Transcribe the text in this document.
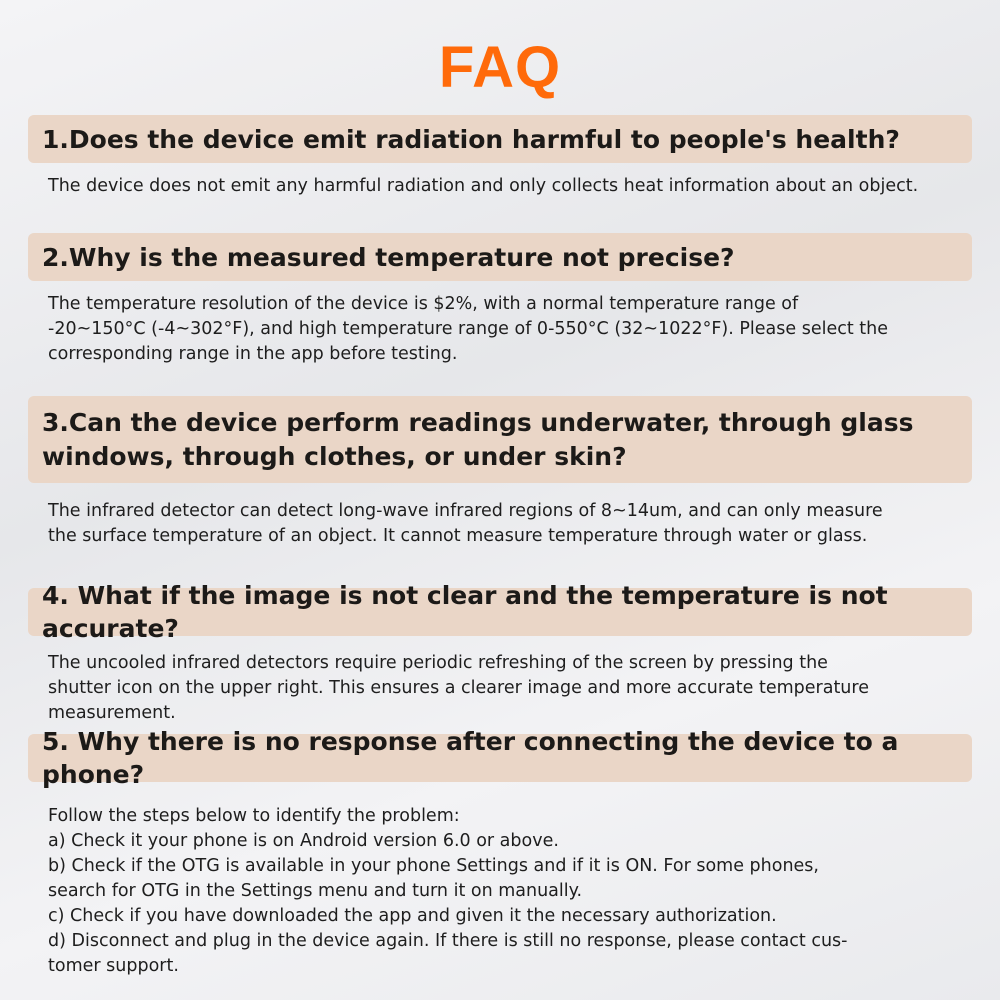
FAQ
1.Does the device emit radiation harmful to people's health?
The device does not emit any harmful radiation and only collects heat information about an object.
2.Why is the measured temperature not precise?
The temperature resolution of the device is $2%, with a normal temperature range of
-20~150°C (-4~302°F), and high temperature range of 0-550°C (32~1022°F). Please select the
corresponding range in the app before testing.
3.Can the device perform readings underwater, through glass windows, through clothes, or under skin?
The infrared detector can detect long-wave infrared regions of 8~14um, and can only measure
the surface temperature of an object. It cannot measure temperature through water or glass.
4. What if the image is not clear and the temperature is not accurate?
The uncooled infrared detectors require periodic refreshing of the screen by pressing the
shutter icon on the upper right. This ensures a clearer image and more accurate temperature
measurement.
5. Why there is no response after connecting the device to a phone?
Follow the steps below to identify the problem:
a) Check it your phone is on Android version 6.0 or above.
b) Check if the OTG is available in your phone Settings and if it is ON. For some phones,
search for OTG in the Settings menu and turn it on manually.
c) Check if you have downloaded the app and given it the necessary authorization.
d) Disconnect and plug in the device again. If there is still no response, please contact cus-
tomer support.
